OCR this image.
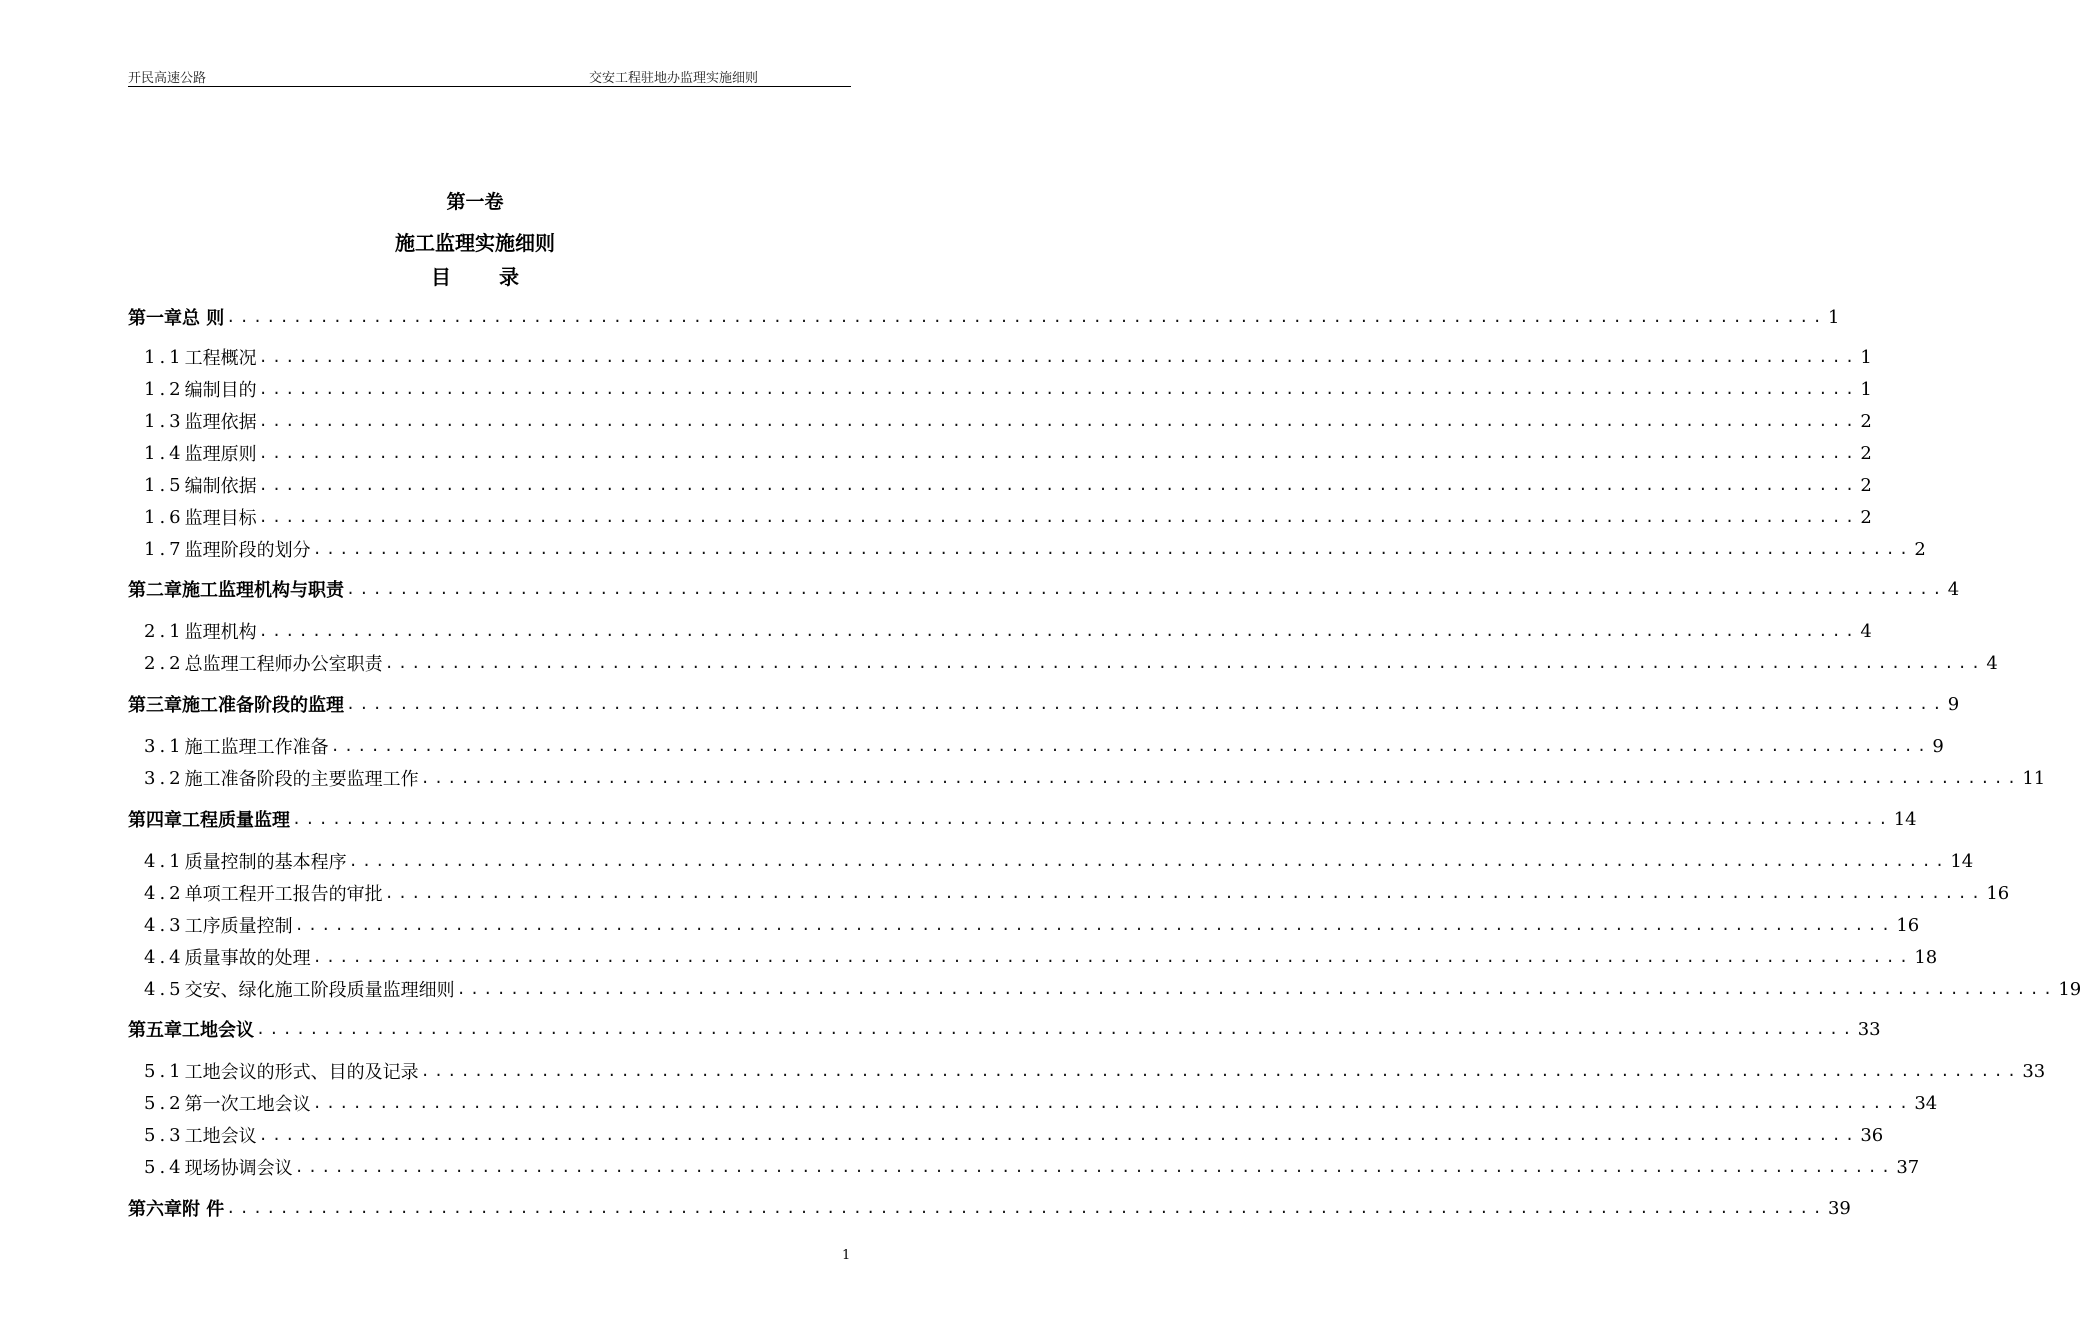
开民高速公路	交安工程驻地办监理实施细则
第一卷
施工监理实施细则
目 录
第一章 总 则 ........................................................................................................................ 1
1.1 工程概况 ........................................................................................................................ 1
1.2 编制目的 ........................................................................................................................ 1
1.3 监理依据 ........................................................................................................................ 2
1.4 监理原则 ........................................................................................................................ 2
1.5 编制依据 ........................................................................................................................ 2
1.6 监理目标 ........................................................................................................................ 2
1.7 监理阶段的划分 ........................................................................................................................ 2
第二章 施工监理机构与职责 ........................................................................................................................ 4
2.1 监理机构 ........................................................................................................................ 4
2.2 总监理工程师办公室职责 ........................................................................................................................ 4
第三章 施工准备阶段的监理 ........................................................................................................................ 9
3.1 施工监理工作准备 ........................................................................................................................ 9
3.2 施工准备阶段的主要监理工作 ........................................................................................................................ 11
第四章 工程质量监理 ........................................................................................................................ 14
4.1 质量控制的基本程序 ........................................................................................................................ 14
4.2 单项工程开工报告的审批 ........................................................................................................................ 16
4.3 工序质量控制 ........................................................................................................................ 16
4.4 质量事故的处理 ........................................................................................................................ 18
4.5 交安、绿化施工阶段质量监理细则 ........................................................................................................................ 19
第五章 工地会议 ........................................................................................................................ 33
5.1 工地会议的形式、目的及记录 ........................................................................................................................ 33
5.2 第一次工地会议 ........................................................................................................................ 34
5.3 工地会议 ........................................................................................................................ 36
5.4 现场协调会议 ........................................................................................................................ 37
第六章 附 件 ........................................................................................................................ 39
1
